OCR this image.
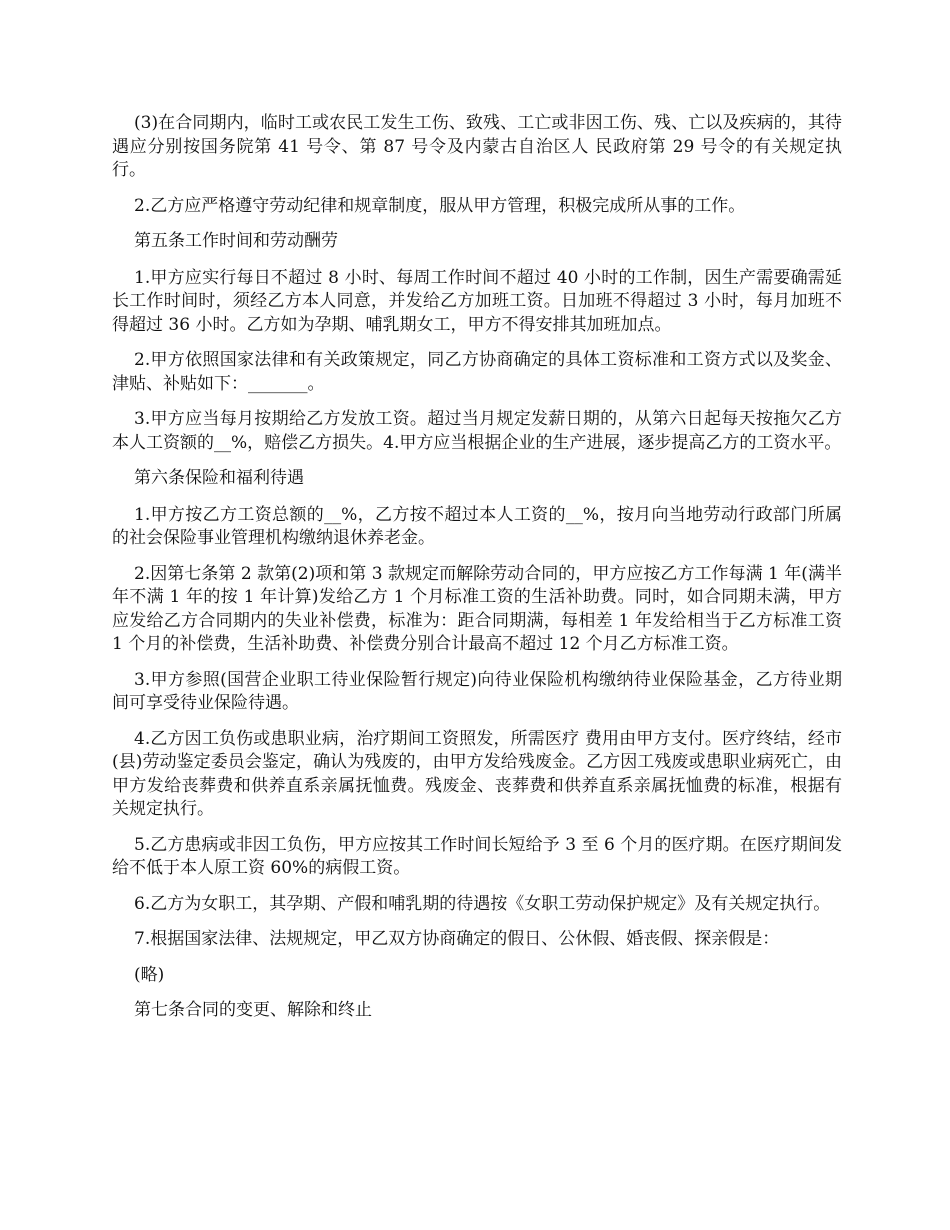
(3)在合同期内，临时工或农民工发生工伤、致残、工亡或非因工伤、残、亡以及疾病的，其待遇应分别按国务院第 41 号令、第 87 号令及内蒙古自治区人 民政府第 29 号令的有关规定执行。

2.乙方应严格遵守劳动纪律和规章制度，服从甲方管理，积极完成所从事的工作。

第五条工作时间和劳动酬劳

1.甲方应实行每日不超过 8 小时、每周工作时间不超过 40 小时的工作制，因生产需要确需延长工作时间时，须经乙方本人同意，并发给乙方加班工资。日加班不得超过 3 小时，每月加班不得超过 36 小时。乙方如为孕期、哺乳期女工，甲方不得安排其加班加点。

2.甲方依照国家法律和有关政策规定，同乙方协商确定的具体工资标准和工资方式以及奖金、津贴、补贴如下：_______。

3.甲方应当每月按期给乙方发放工资。超过当月规定发薪日期的，从第六日起每天按拖欠乙方本人工资额的__%，赔偿乙方损失。4.甲方应当根据企业的生产进展，逐步提高乙方的工资水平。

第六条保险和福利待遇

1.甲方按乙方工资总额的__%，乙方按不超过本人工资的__%，按月向当地劳动行政部门所属的社会保险事业管理机构缴纳退休养老金。

2.因第七条第 2 款第(2)项和第 3 款规定而解除劳动合同的，甲方应按乙方工作每满 1 年(满半年不满 1 年的按 1 年计算)发给乙方 1 个月标准工资的生活补助费。同时，如合同期未满，甲方应发给乙方合同期内的失业补偿费，标准为：距合同期满，每相差 1 年发给相当于乙方标准工资 1 个月的补偿费，生活补助费、补偿费分别合计最高不超过 12 个月乙方标准工资。

3.甲方参照(国营企业职工待业保险暂行规定)向待业保险机构缴纳待业保险基金，乙方待业期间可享受待业保险待遇。

4.乙方因工负伤或患职业病，治疗期间工资照发，所需医疗 费用由甲方支付。医疗终结，经市(县)劳动鉴定委员会鉴定，确认为残废的，由甲方发给残废金。乙方因工残废或患职业病死亡，由甲方发给丧葬费和供养直系亲属抚恤费。残废金、丧葬费和供养直系亲属抚恤费的标准，根据有关规定执行。

5.乙方患病或非因工负伤，甲方应按其工作时间长短给予 3 至 6 个月的医疗期。在医疗期间发给不低于本人原工资 60%的病假工资。

6.乙方为女职工，其孕期、产假和哺乳期的待遇按《女职工劳动保护规定》及有关规定执行。

7.根据国家法律、法规规定，甲乙双方协商确定的假日、公休假、婚丧假、探亲假是：

(略)

第七条合同的变更、解除和终止
